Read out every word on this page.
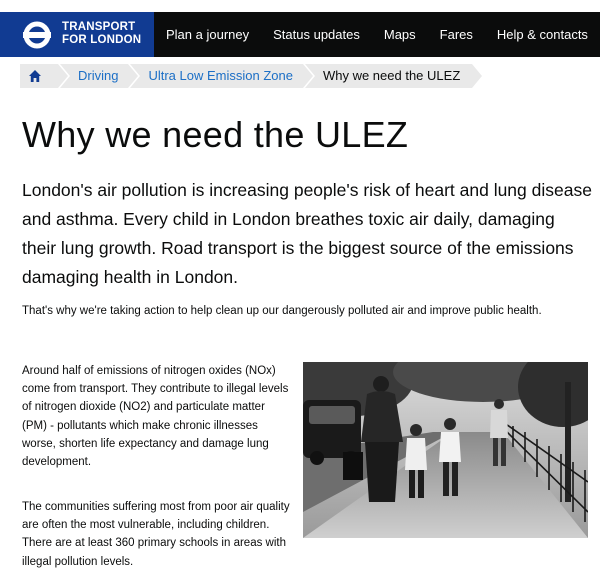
TRANSPORT
FOR LONDON	Plan a journey	Status updates	Maps	Fares	Help & contacts
Driving	Ultra Low Emission Zone	Why we need the ULEZ
Why we need the ULEZ

London's air pollution is increasing people's risk of heart and lung disease and asthma. Every child in London breathes toxic air daily, damaging their lung growth. Road transport is the biggest source of the emissions damaging health in London.

That's why we're taking action to help clean up our dangerously polluted air and improve public health.

Around half of emissions of nitrogen oxides (NOx) come from transport. They contribute to illegal levels of nitrogen dioxide (NO2) and particulate matter (PM) - pollutants which make chronic illnesses worse, shorten life expectancy and damage lung development.

The communities suffering most from poor air quality are often the most vulnerable, including children. There are at least 360 primary schools in areas with illegal pollution levels.
